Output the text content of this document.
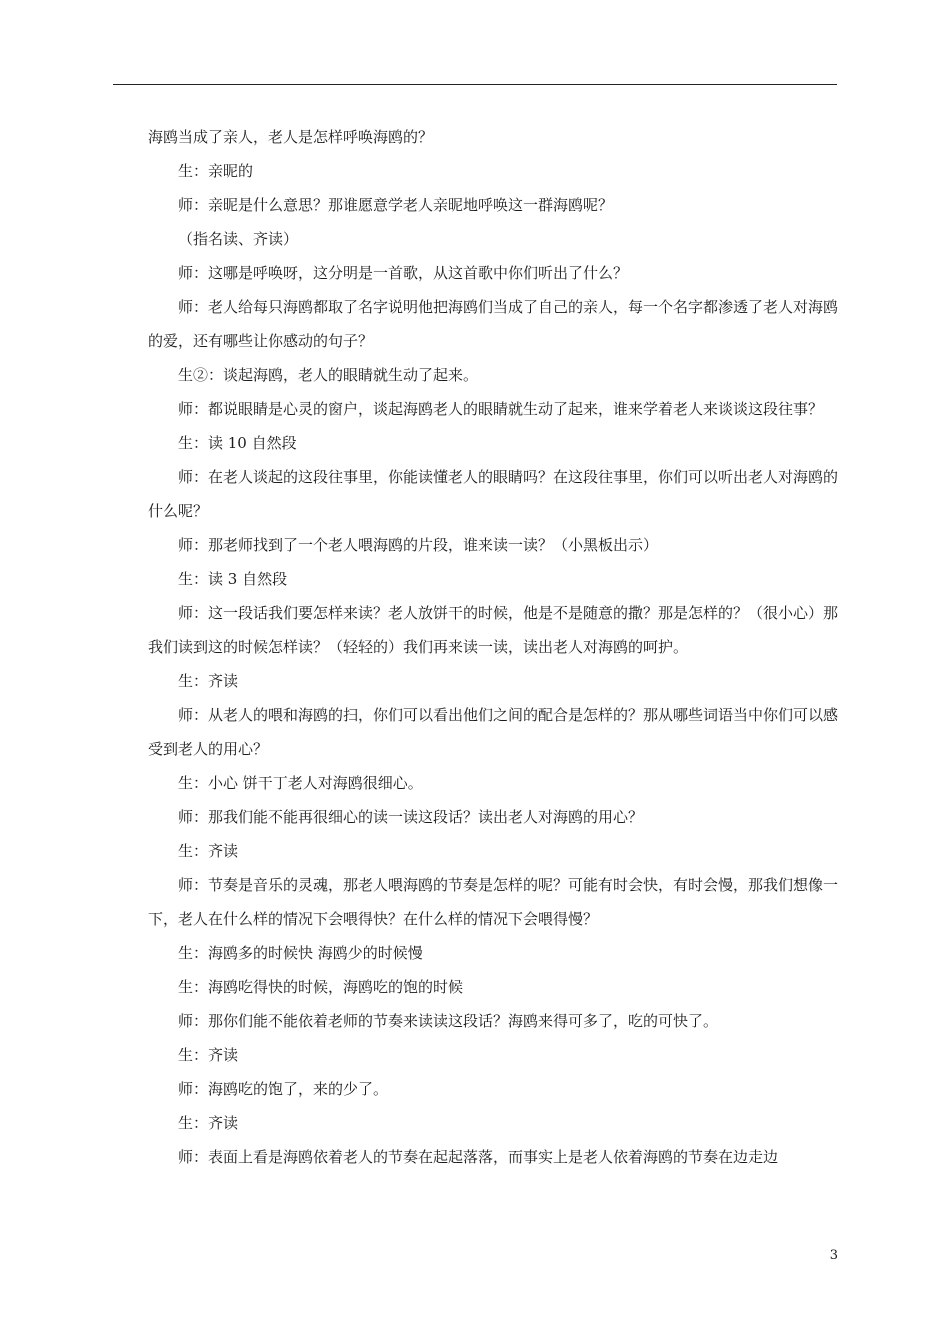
海鸥当成了亲人，老人是怎样呼唤海鸥的？

生：亲昵的

师：亲昵是什么意思？那谁愿意学老人亲昵地呼唤这一群海鸥呢？

（指名读、齐读）

师：这哪是呼唤呀，这分明是一首歌，从这首歌中你们听出了什么？

师：老人给每只海鸥都取了名字说明他把海鸥们当成了自己的亲人，每一个名字都渗透了老人对海鸥的爱，还有哪些让你感动的句子？

生②：谈起海鸥，老人的眼睛就生动了起来。

师：都说眼睛是心灵的窗户，谈起海鸥老人的眼睛就生动了起来，谁来学着老人来谈谈这段往事？

生：读 10 自然段

师：在老人谈起的这段往事里，你能读懂老人的眼睛吗？在这段往事里，你们可以听出老人对海鸥的什么呢？

师：那老师找到了一个老人喂海鸥的片段，谁来读一读？（小黑板出示）

生：读 3 自然段

师：这一段话我们要怎样来读？老人放饼干的时候，他是不是随意的撒？那是怎样的？（很小心）那我们读到这的时候怎样读？（轻轻的）我们再来读一读，读出老人对海鸥的呵护。

生：齐读

师：从老人的喂和海鸥的扫，你们可以看出他们之间的配合是怎样的？那从哪些词语当中你们可以感受到老人的用心？

生：小心 饼干丁老人对海鸥很细心。

师：那我们能不能再很细心的读一读这段话？读出老人对海鸥的用心？

生：齐读

师：节奏是音乐的灵魂，那老人喂海鸥的节奏是怎样的呢？可能有时会快，有时会慢，那我们想像一下，老人在什么样的情况下会喂得快？在什么样的情况下会喂得慢？

生：海鸥多的时候快 海鸥少的时候慢

生：海鸥吃得快的时候，海鸥吃的饱的时候

师：那你们能不能依着老师的节奏来读读这段话？海鸥来得可多了，吃的可快了。

生：齐读

师：海鸥吃的饱了，来的少了。

生：齐读

师：表面上看是海鸥依着老人的节奏在起起落落，而事实上是老人依着海鸥的节奏在边走边

3
